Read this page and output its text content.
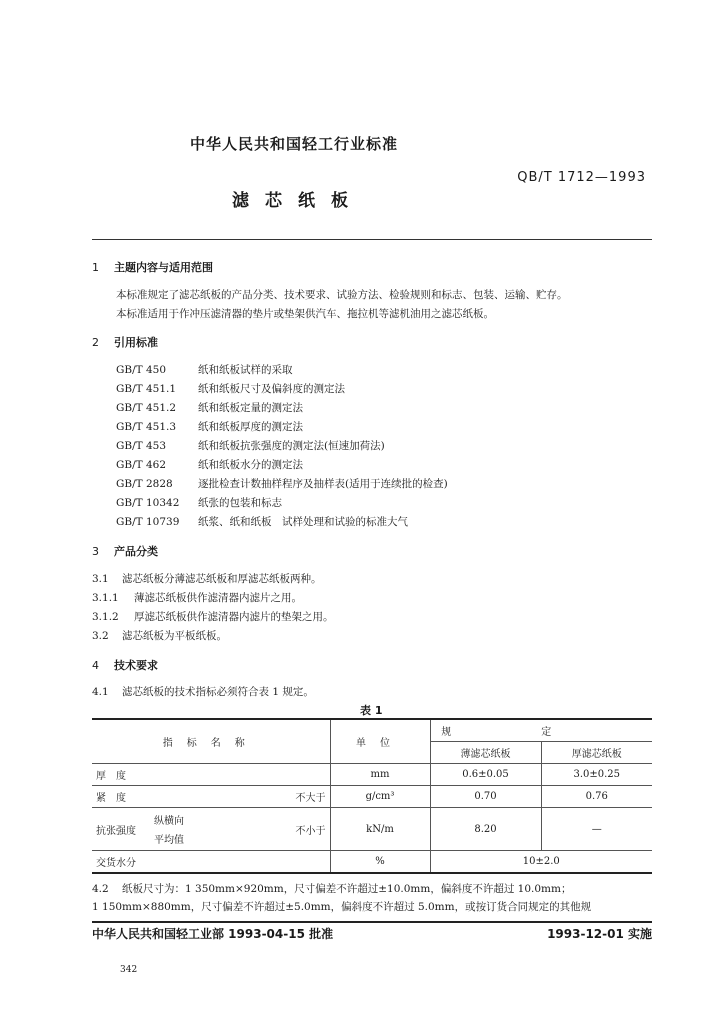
中华人民共和国轻工行业标准
QB/T 1712—1993
滤芯纸板
1 主题内容与适用范围
本标准规定了滤芯纸板的产品分类、技术要求、试验方法、检验规则和标志、包装、运输、贮存。
本标准适用于作冲压滤清器的垫片或垫架供汽车、拖拉机等滤机油用之滤芯纸板。
2 引用标准
GB/T 450	纸和纸板试样的采取
GB/T 451.1 纸和纸板尺寸及偏斜度的测定法
GB/T 451.2 纸和纸板定量的测定法
GB/T 451.3 纸和纸板厚度的测定法
GB/T 453	纸和纸板抗张强度的测定法(恒速加荷法)
GB/T 462	纸和纸板水分的测定法
GB/T 2828 逐批检查计数抽样程序及抽样表(适用于连续批的检查)
GB/T 10342 纸张的包装和标志
GB/T 10739 纸浆、纸和纸板　试样处理和试验的标准大气
3 产品分类
3.1 滤芯纸板分薄滤芯纸板和厚滤芯纸板两种。
3.1.1 薄滤芯纸板供作滤清器内滤片之用。
3.1.2 厚滤芯纸板供作滤清器内滤片的垫架之用。
3.2 滤芯纸板为平板纸板。
4 技术要求
4.1 滤芯纸板的技术指标必须符合表 1 规定。
表 1
指标名称	单位	规定	
		薄滤芯纸板	厚滤芯纸板
厚　度	mm	0.6±0.05	3.0±0.25
紧　度 不大于	g/cm³	0.70	0.76

抗张强度
纵横向
平均值
不小于	kN/m	8.20	—
交货水分	%	10±2.0	
4.2 纸板尺寸为：1 350mm×920mm，尺寸偏差不许超过±10.0mm，偏斜度不许超过 10.0mm；
1 150mm×880mm，尺寸偏差不许超过±5.0mm，偏斜度不许超过 5.0mm，或按订货合同规定的其他规
中华人民共和国轻工业部 1993-04-15 批准	1993-12-01 实施
342
